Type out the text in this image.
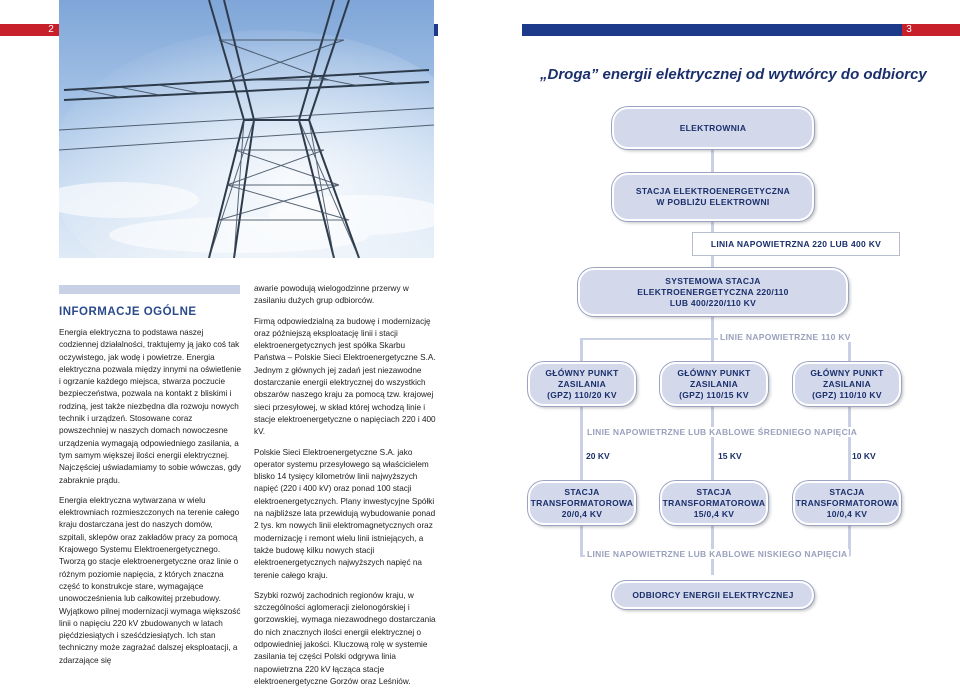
2	3
INFORMACJE OGÓLNE

Energia elektryczna to podstawa naszej codziennej działalności, traktujemy ją jako coś tak oczywistego, jak wodę i powietrze. Energia elektryczna pozwala między innymi na oświetlenie i ogrzanie każdego miejsca, stwarza poczucie bezpieczeństwa, pozwala na kontakt z bliskimi i rodziną, jest także niezbędna dla rozwoju nowych technik i urządzeń. Stosowane coraz powszechniej w naszych domach nowoczesne urządzenia wymagają odpowiedniego zasilania, a tym samym większej ilości energii elektrycznej. Najczęściej uświadamiamy to sobie wówczas, gdy zabraknie prądu.

Energia elektryczna wytwarzana w wielu elektrowniach rozmieszczonych na terenie całego kraju dostarczana jest do naszych domów, szpitali, sklepów oraz zakładów pracy za pomocą Krajowego Systemu Elektroenergetycznego. Tworzą go stacje elektroenergetyczne oraz linie o różnym poziomie napięcia, z których znaczna część to konstrukcje stare, wymagające unowocześnienia lub całkowitej przebudowy. Wyjątkowo pilnej modernizacji wymaga większość linii o napięciu 220 kV zbudowanych w latach pięćdziesiątych i sześćdziesiątych. Ich stan techniczny może zagrażać dalszej eksploatacji, a zdarzające się

awarie powodują wielogodzinne przerwy w zasilaniu dużych grup odbiorców.

Firmą odpowiedzialną za budowę i modernizację oraz późniejszą eksploatację linii i stacji elektroenergetycznych jest spółka Skarbu Państwa – Polskie Sieci Elektroenergetyczne S.A. Jednym z głównych jej zadań jest niezawodne dostarczanie energii elektrycznej do wszystkich obszarów naszego kraju za pomocą tzw. krajowej sieci przesyłowej, w skład której wchodzą linie i stacje elektroenergetyczne o napięciach 220 i 400 kV.

Polskie Sieci Elektroenergetyczne S.A. jako operator systemu przesyłowego są właścicielem blisko 14 tysięcy kilometrów linii najwyższych napięć (220 i 400 kV) oraz ponad 100 stacji elektroenergetycznych. Plany inwestycyjne Spółki na najbliższe lata przewidują wybudowanie ponad 2 tys. km nowych linii elektromagnetycznych oraz modernizację i remont wielu linii istniejących, a także budowę kilku nowych stacji elektroenergetycznych najwyższych napięć na terenie całego kraju.

Szybki rozwój zachodnich regionów kraju, w szczególności aglomeracji zielonogórskiej i gorzowskiej, wymaga niezawodnego dostarczania do nich znacznych ilości energii elektrycznej o odpowiedniej jakości. Kluczową rolę w systemie zasilania tej części Polski odgrywa linia napowietrzna 220 kV łącząca stacje elektroenergetyczne Gorzów oraz Leśniów.

„Droga” energii elektrycznej od wytwórcy do odbiorcy
ELEKTROWNIA
STACJA ELEKTROENERGETYCZNA
W POBLIŻU ELEKTROWNI
LINIA NAPOWIETRZNA 220 LUB 400 KV
SYSTEMOWA STACJA
ELEKTROENERGETYCZNA 220/110
LUB 400/220/110 KV
LINIE NAPOWIETRZNE 110 KV
GŁÓWNY PUNKT
ZASILANIA
(GPZ) 110/20 KV
GŁÓWNY PUNKT
ZASILANIA
(GPZ) 110/15 KV
GŁÓWNY PUNKT
ZASILANIA
(GPZ) 110/10 KV
LINIE NAPOWIETRZNE LUB KABLOWE ŚREDNIEGO NAPIĘCIA
20 KV	15 KV	10 KV
STACJA
TRANSFORMATOROWA
20/0,4 KV
STACJA
TRANSFORMATOROWA
15/0,4 KV
STACJA
TRANSFORMATOROWA
10/0,4 KV
LINIE NAPOWIETRZNE LUB KABLOWE NISKIEGO NAPIĘCIA
ODBIORCY ENERGII ELEKTRYCZNEJ
